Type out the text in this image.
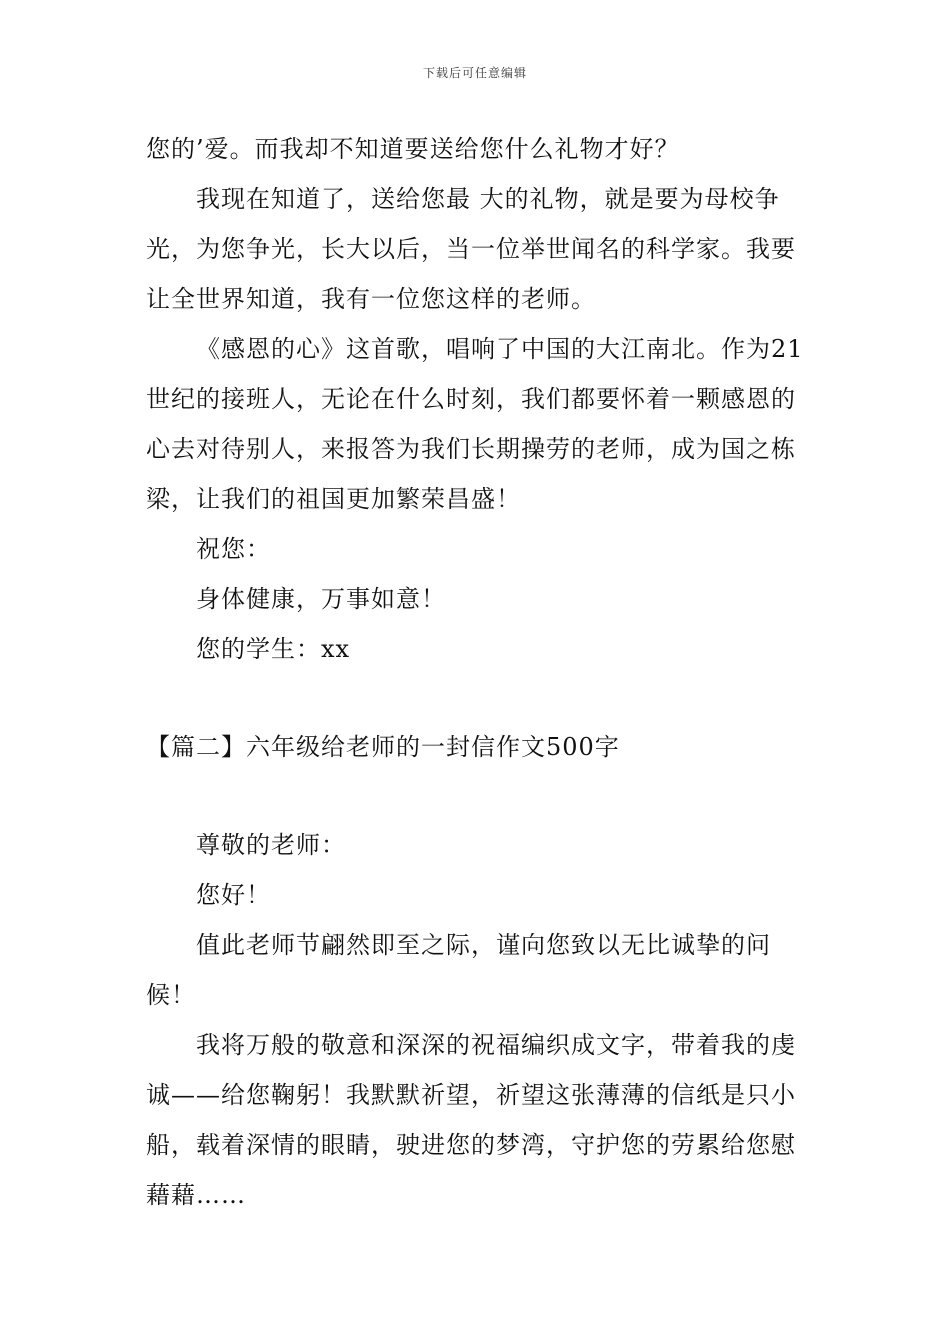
下载后可任意编辑

您的’爱。而我却不知道要送给您什么礼物才好？

我现在知道了，送给您最 大的礼物，就是要为母校争光，为您争光，长大以后，当一位举世闻名的科学家。我要让全世界知道，我有一位您这样的老师。

《感恩的心》这首歌，唱响了中国的大江南北。作为21世纪的接班人，无论在什么时刻，我们都要怀着一颗感恩的心去对待别人，来报答为我们长期操劳的老师，成为国之栋梁，让我们的祖国更加繁荣昌盛！

祝您：

身体健康，万事如意！

您的学生：xx

【篇二】六年级给老师的一封信作文500字

尊敬的老师：

您好！

值此老师节翩然即至之际，谨向您致以无比诚挚的问候！

我将万般的敬意和深深的祝福编织成文字，带着我的虔诚——给您鞠躬！我默默祈望，祈望这张薄薄的信纸是只小船，载着深情的眼睛，驶进您的梦湾，守护您的劳累给您慰藉藉……
